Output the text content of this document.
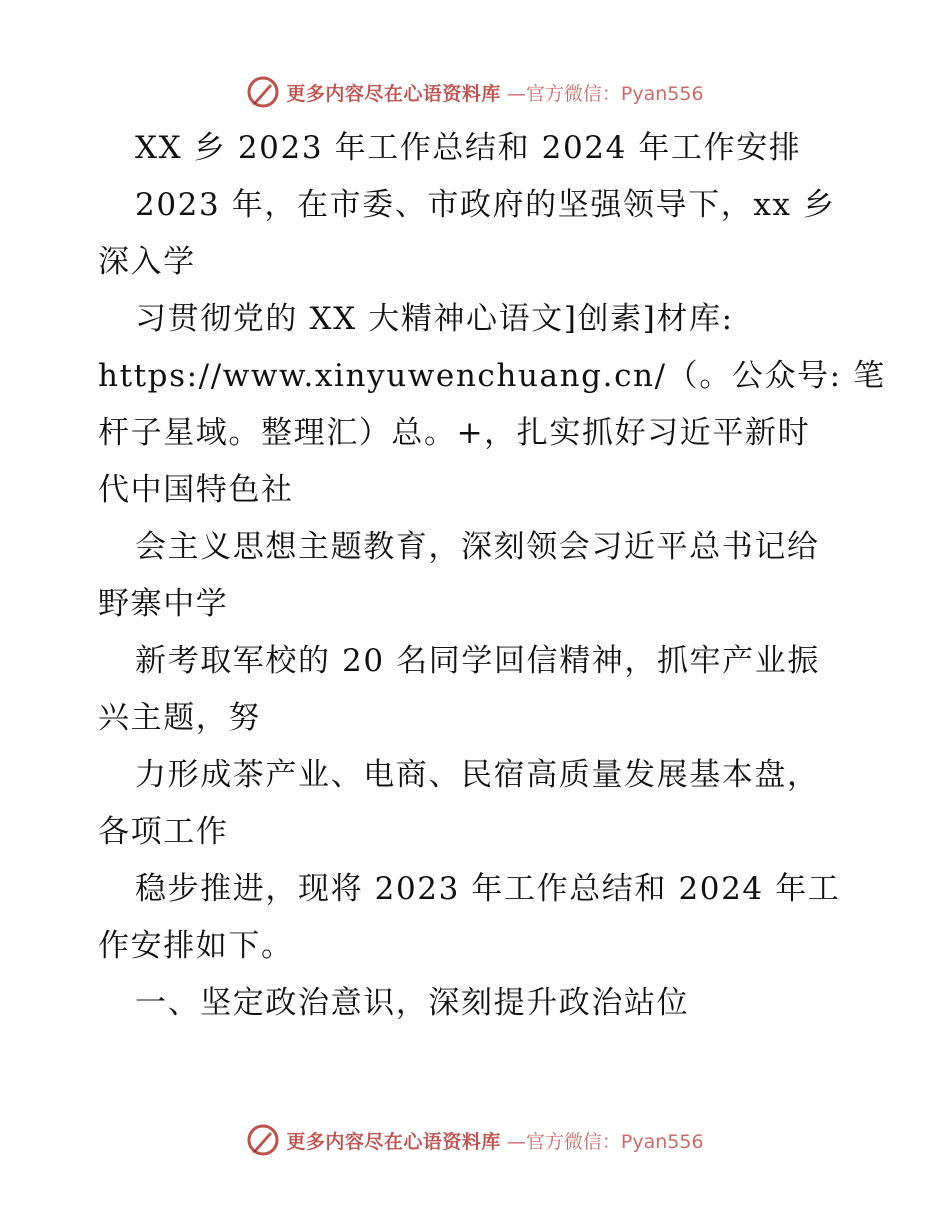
更多内容尽在心语资料库 —官方微信：Pyan556
XX 乡 2023 年工作总结和 2024 年工作安排
2023 年，在市委、市政府的坚强领导下，xx 乡
深入学
习贯彻党的 XX 大精神心语文]创素]材库:
https://www.xinyuwenchuang.cn/（。公众号: 笔
杆子星域。整理汇）总。+，扎实抓好习近平新时
代中国特色社
会主义思想主题教育，深刻领会习近平总书记给
野寨中学
新考取军校的 20 名同学回信精神，抓牢产业振
兴主题，努
力形成茶产业、电商、民宿高质量发展基本盘，
各项工作
稳步推进，现将 2023 年工作总结和 2024 年工
作安排如下。
一、坚定政治意识，深刻提升政治站位
更多内容尽在心语资料库 —官方微信：Pyan556
